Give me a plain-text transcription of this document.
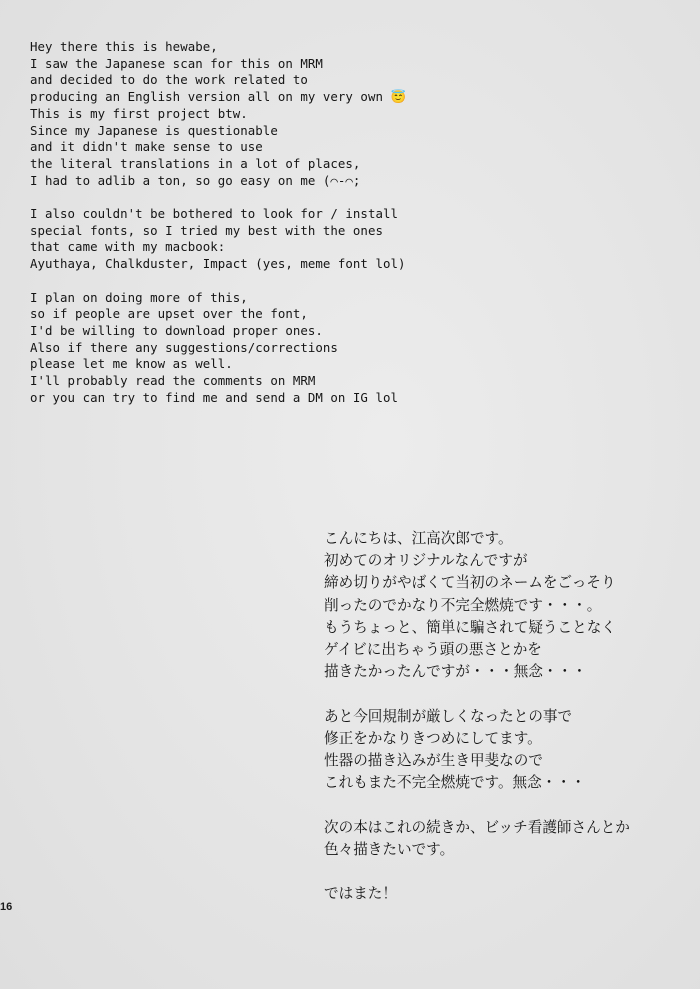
Hey there this is hewabe,
I saw the Japanese scan for this on MRM
and decided to do the work related to
producing an English version all on my very own 😇
This is my first project btw.
Since my Japanese is questionable
and it didn't make sense to use
the literal translations in a lot of places,
I had to adlib a ton, so go easy on me (⌒-⌒;
I also couldn't be bothered to look for / install
special fonts, so I tried my best with the ones
that came with my macbook:
Ayuthaya, Chalkduster, Impact (yes, meme font lol)
I plan on doing more of this,
so if people are upset over the font,
I'd be willing to download proper ones.
Also if there any suggestions/corrections
please let me know as well.
I'll probably read the comments on MRM
or you can try to find me and send a DM on IG lol
こんにちは、江高次郎です。
初めてのオリジナルなんですが
締め切りがやばくて当初のネームをごっそり
削ったのでかなり不完全燃焼です・・・。
もうちょっと、簡単に騙されて疑うことなく
ゲイビに出ちゃう頭の悪さとかを
描きたかったんですが・・・無念・・・
あと今回規制が厳しくなったとの事で
修正をかなりきつめにしてます。
性器の描き込みが生き甲斐なので
これもまた不完全燃焼です。無念・・・
次の本はこれの続きか、ビッチ看護師さんとか
色々描きたいです。
ではまた！
16
